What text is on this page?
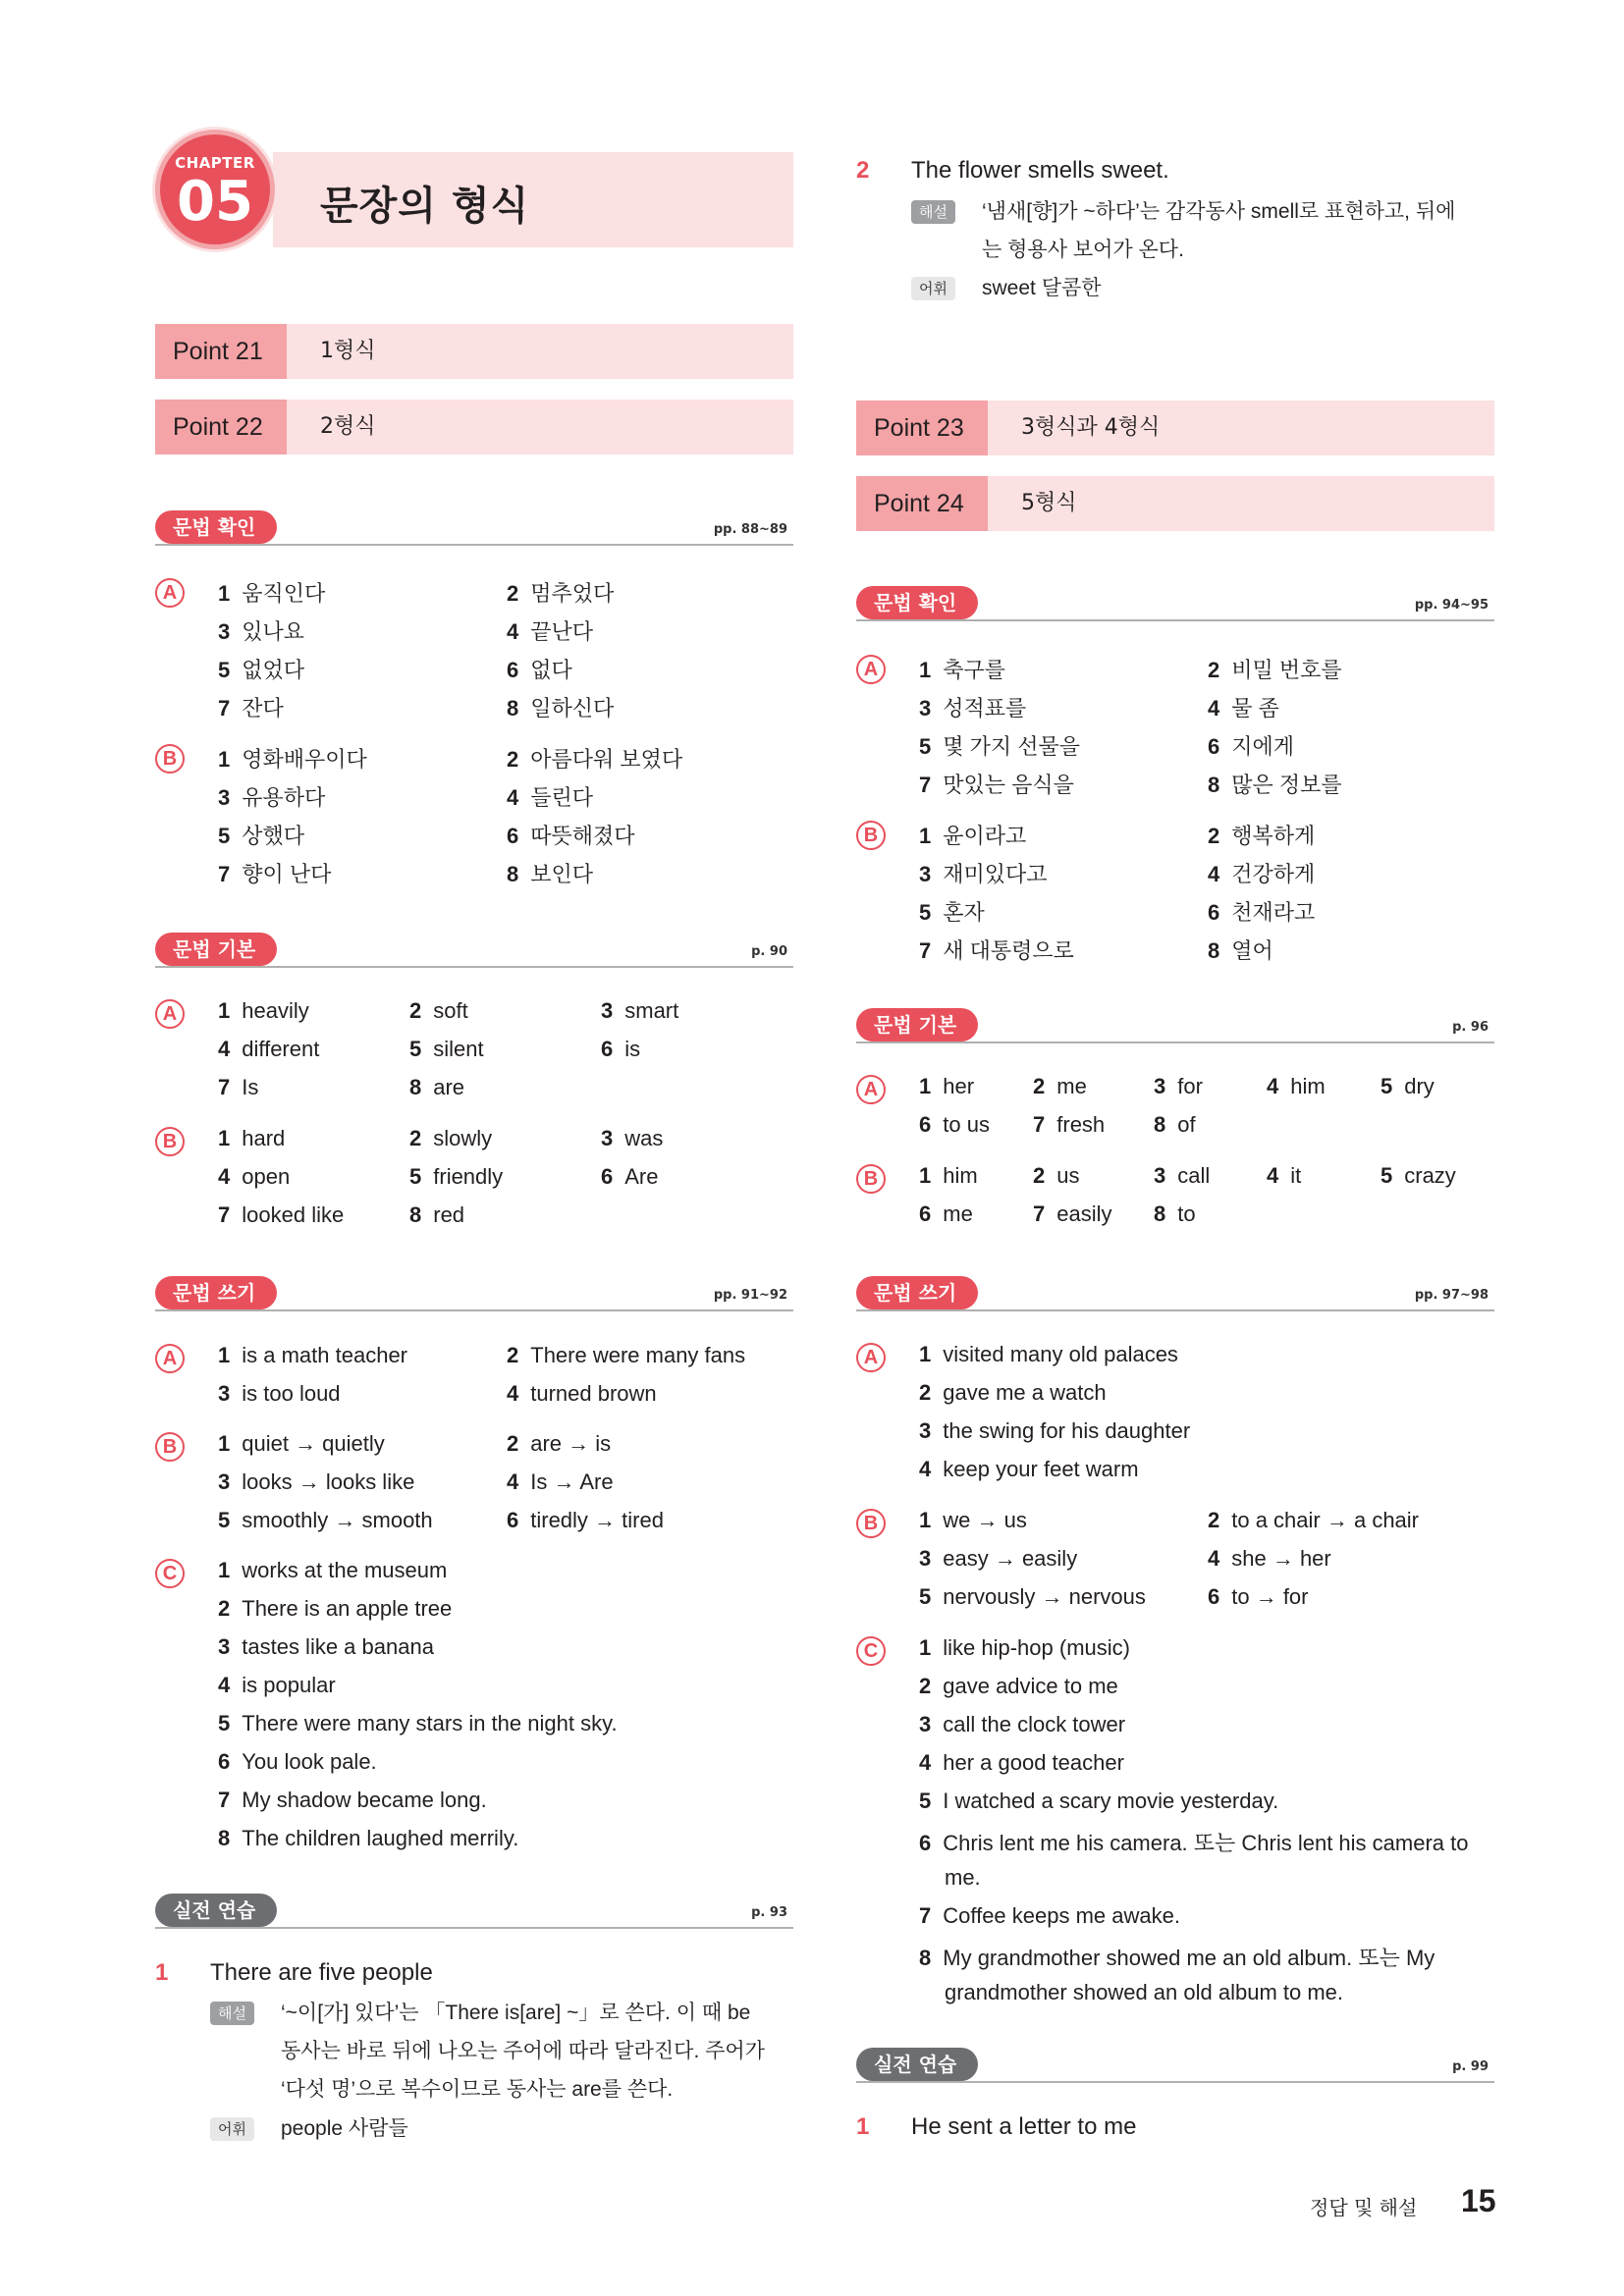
문장의 형식
CHAPTER
05
Point 21	1형식
Point 22	2형식
문법 확인	pp. 88~89
A	1 움직인다	2 멈추었다
3 있나요	4 끝난다
5 없었다	6 없다
7 잔다	8 일하신다
B	1 영화배우이다	2 아름다워 보였다
3 유용하다	4 들린다
5 상했다	6 따뜻해졌다
7 향이 난다	8 보인다
문법 기본	p. 90
A	1 heavily	2 soft	3 smart
4 different	5 silent	6 is
7 Is	8 are
B	1 hard	2 slowly	3 was
4 open	5 friendly	6 Are
7 looked like	8 red
문법 쓰기	pp. 91~92
A	1 is a math teacher	2 There were many fans
3 is too loud	4 turned brown
B	1 quiet → quietly	2 are → is
3 looks → looks like	4 Is → Are
5 smoothly → smooth	6 tiredly → tired
C	1 works at the museum
2 There is an apple tree
3 tastes like a banana
4 is popular
5 There were many stars in the night sky.
6 You look pale.
7 My shadow became long.
8 The children laughed merrily.
실전 연습	p. 93
1 There are five people
해설	‘~이[가] 있다’는 「There is[are] ~」로 쓴다. 이 때 be
동사는 바로 뒤에 나오는 주어에 따라 달라진다. 주어가
‘다섯 명’으로 복수이므로 동사는 are를 쓴다.
어휘	people 사람들
2 The flower smells sweet.
해설	‘냄새[향]가 ~하다’는 감각동사 smell로 표현하고, 뒤에
는 형용사 보어가 온다.
어휘	sweet 달콤한
Point 23	3형식과 4형식
Point 24	5형식
문법 확인	pp. 94~95
A	1 축구를	2 비밀 번호를
3 성적표를	4 물 좀
5 몇 가지 선물을	6 지에게
7 맛있는 음식을	8 많은 정보를
B	1 윤이라고	2 행복하게
3 재미있다고	4 건강하게
5 혼자	6 천재라고
7 새 대통령으로	8 열어
문법 기본	p. 96
A	1 her	2 me	3 for	4 him	5 dry
6 to us 7 fresh 8 of
B	1 him	2 us	3 call	4 it	5 crazy
6 me	7 easily 8 to
문법 쓰기	pp. 97~98
A	1 visited many old palaces
2 gave me a watch
3 the swing for his daughter
4 keep your feet warm
B	1 we → us	2 to a chair → a chair
3 easy → easily	4 she → her
5 nervously → nervous	6 to → for
C	1 like hip-hop (music)
2 gave advice to me
3 call the clock tower
4 her a good teacher
5 I watched a scary movie yesterday.
6 Chris lent me his camera. 또는 Chris lent his camera to
me.
7 Coffee keeps me awake.
8 My grandmother showed me an old album. 또는 My
grandmother showed an old album to me.
실전 연습	p. 99
1 He sent a letter to me
정답 및 해설 15
